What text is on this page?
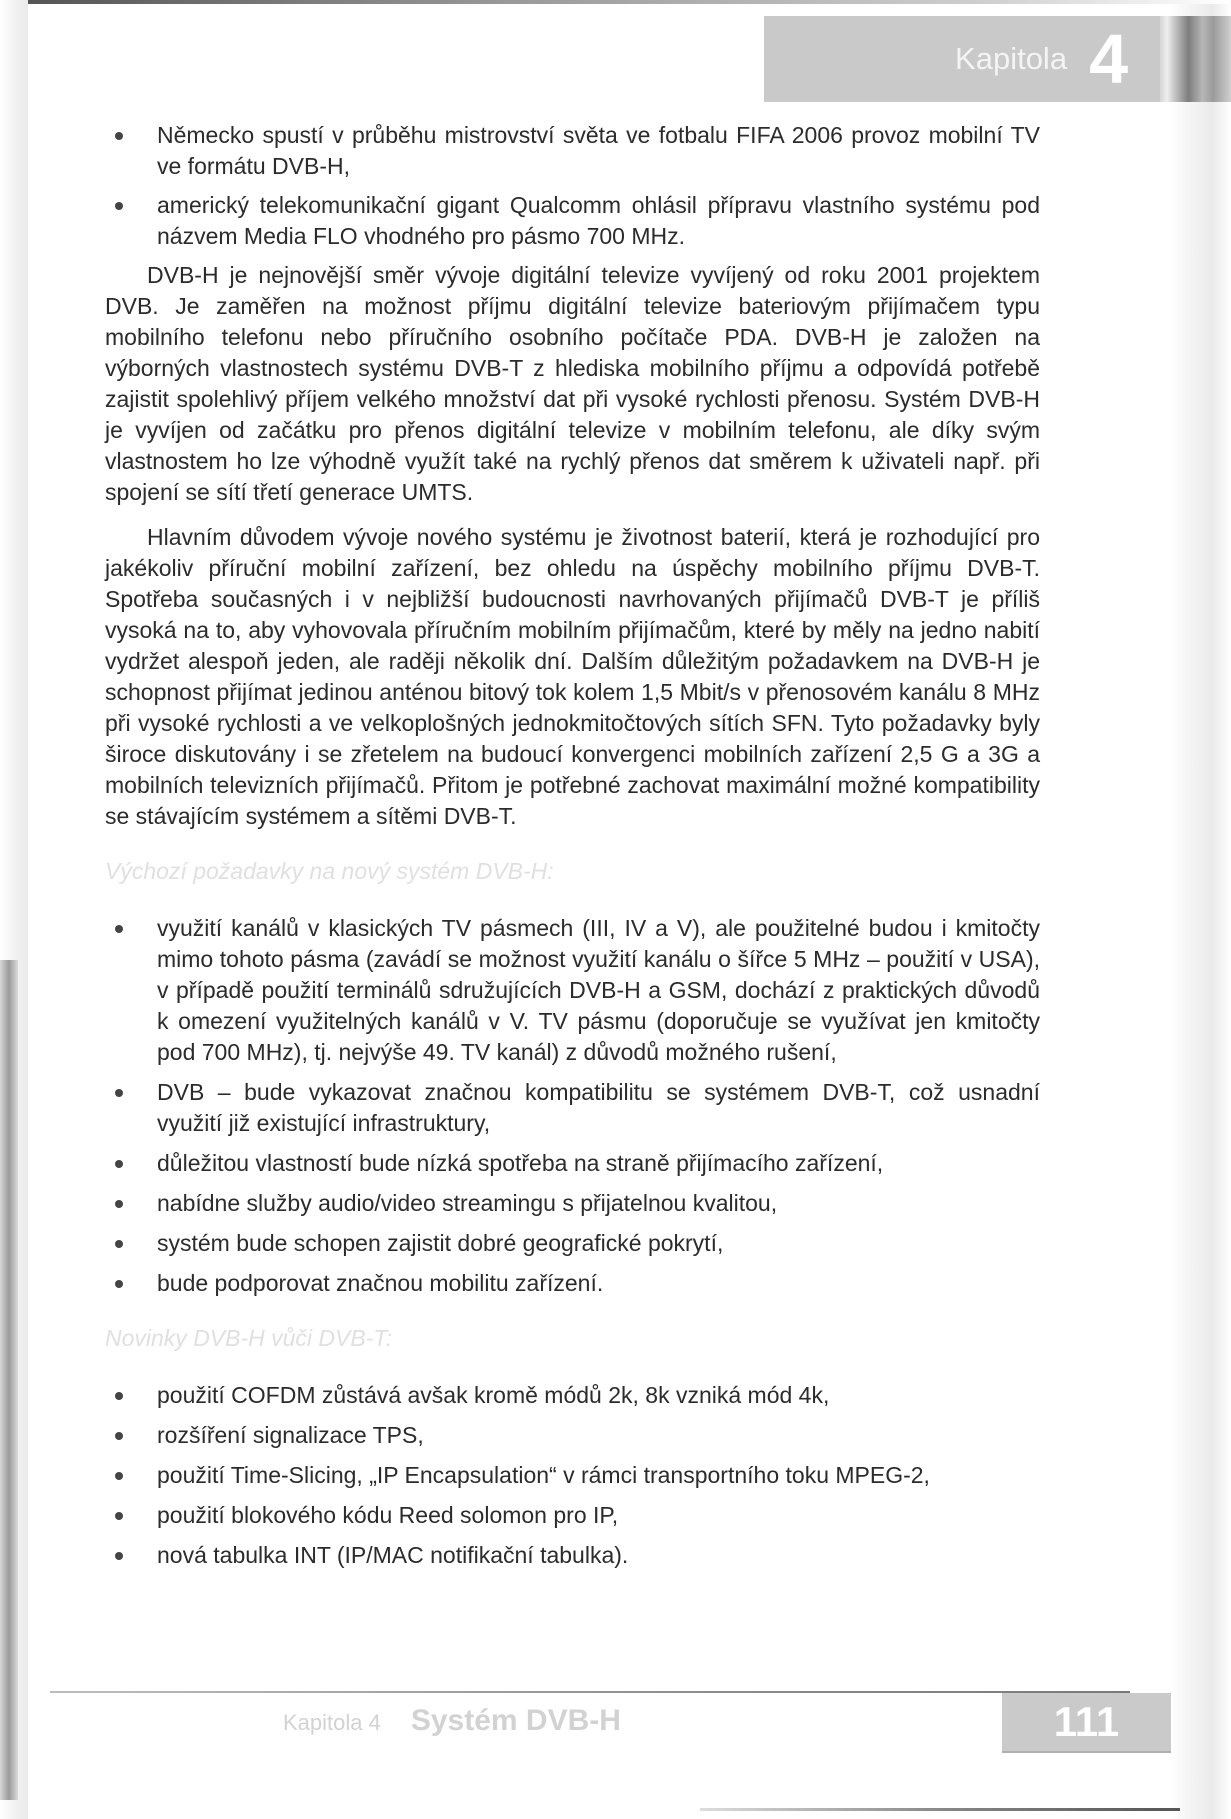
Kapitola 4
Německo spustí v průběhu mistrovství světa ve fotbalu FIFA 2006 provoz mobilní TV ve formátu DVB-H,
americký telekomunikační gigant Qualcomm ohlásil přípravu vlastního systému pod názvem Media FLO vhodného pro pásmo 700 MHz.

DVB-H je nejnovější směr vývoje digitální televize vyvíjený od roku 2001 projektem DVB. Je zaměřen na možnost příjmu digitální televize bateriovým přijímačem typu mobilního telefonu nebo příručního osobního počítače PDA. DVB-H je založen na výborných vlastnostech systému DVB-T z hlediska mobilního příjmu a odpovídá potřebě zajistit spolehlivý příjem velkého množství dat při vysoké rychlosti přenosu. Systém DVB-H je vyvíjen od začátku pro přenos digitální televize v mobilním telefonu, ale díky svým vlastnostem ho lze výhodně využít také na rychlý přenos dat směrem k uživateli např. při spojení se sítí třetí generace UMTS.

Hlavním důvodem vývoje nového systému je životnost baterií, která je rozhodující pro jakékoliv příruční mobilní zařízení, bez ohledu na úspěchy mobilního příjmu DVB-T. Spotřeba současných i v nejbližší budoucnosti navrhovaných přijímačů DVB-T je příliš vysoká na to, aby vyhovovala příručním mobilním přijímačům, které by měly na jedno nabití vydržet alespoň jeden, ale raději několik dní. Dalším důležitým požadavkem na DVB-H je schopnost přijímat jedinou anténou bitový tok kolem 1,5 Mbit/s v přenosovém kanálu 8 MHz při vysoké rychlosti a ve velkoplošných jednokmitočtových sítích SFN. Tyto požadavky byly široce diskutovány i se zřetelem na budoucí konvergenci mobilních zařízení 2,5 G a 3G a mobilních televizních přijímačů. Přitom je potřebné zachovat maximální možné kompatibility se stávajícím systémem a sítěmi DVB-T.

Výchozí požadavky na nový systém DVB-H:
využití kanálů v klasických TV pásmech (III, IV a V), ale použitelné budou i kmitočty mimo tohoto pásma (zavádí se možnost využití kanálu o šířce 5 MHz – použití v USA), v případě použití terminálů sdružujících DVB-H a GSM, dochází z praktických důvodů k omezení využitelných kanálů v V. TV pásmu (doporučuje se využívat jen kmitočty pod 700 MHz), tj. nejvýše 49. TV kanál) z důvodů možného rušení,
DVB – bude vykazovat značnou kompatibilitu se systémem DVB-T, což usnadní využití již existující infrastruktury,
důležitou vlastností bude nízká spotřeba na straně přijímacího zařízení,
nabídne služby audio/video streamingu s přijatelnou kvalitou,
systém bude schopen zajistit dobré geografické pokrytí,
bude podporovat značnou mobilitu zařízení.
Novinky DVB-H vůči DVB-T:
použití COFDM zůstává avšak kromě módů 2k, 8k vzniká mód 4k,
rozšíření signalizace TPS,
použití Time-Slicing, „IP Encapsulation“ v rámci transportního toku MPEG-2,
použití blokového kódu Reed solomon pro IP,
nová tabulka INT (IP/MAC notifikační tabulka).
Kapitola 4 Systém DVB-H	111
